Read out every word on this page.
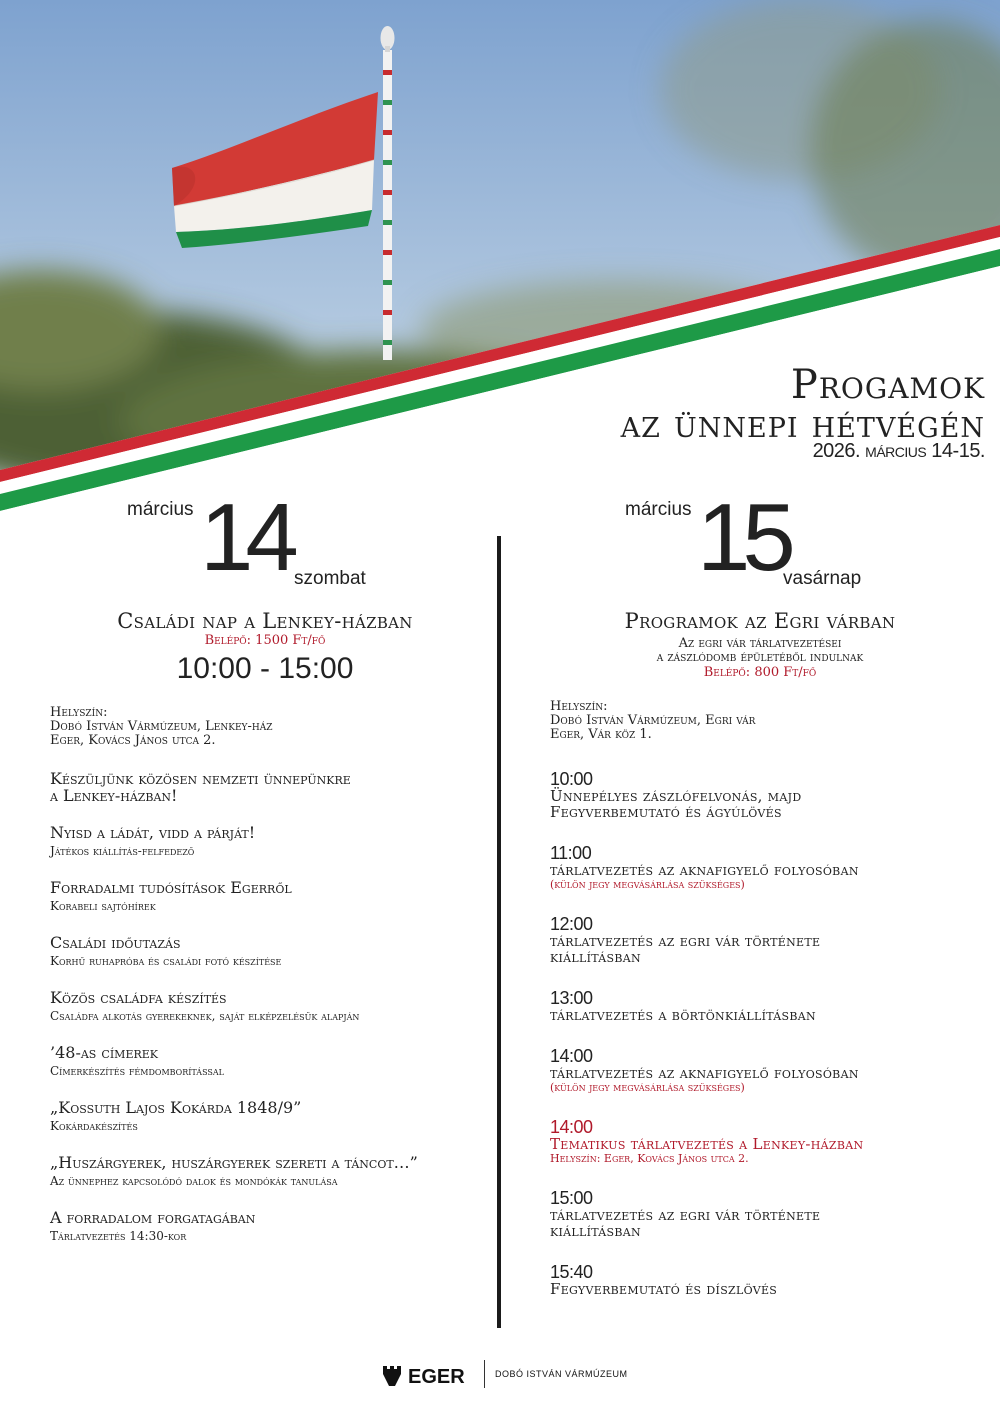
Progamok
az ünnepi hétvégén
2026. március 14-15.
március 14 szombat
Családi nap a Lenkey-házban
Belépő: 1500 Ft/fő
10:00 - 15:00
Helyszín:
Dobó István Vármúzeum, Lenkey-ház
Eger, Kovács János utca 2.
Készüljünk közösen nemzeti ünnepünkre
a Lenkey-házban!
Nyisd a ládát, vidd a párját!
Játékos kiállítás-felfedező
Forradalmi tudósítások Egerről
Korabeli sajtóhírek
Családi időutazás
Korhű ruhapróba és családi fotó készítése
Közös családfa készítés
Családfa alkotás gyerekeknek, saját elképzelésük alapján
’48-as címerek
Címerkészítés fémdomborítással
„Kossuth Lajos Kokárda 1848/9”
Kokárdakészítés
„Huszárgyerek, huszárgyerek szereti a táncot…”
Az ünnephez kapcsolódó dalok és mondókák tanulása
A forradalom forgatagában
Tárlatvezetés 14:30-kor
március 15
vasárnap
Programok az Egri várban
Az egri vár tárlatvezetései
a zászlódomb épületéből indulnak
Belépő: 800 Ft/fő
Helyszín:
Dobó István Vármúzeum, Egri vár
Eger, Vár köz 1.
10:00
Ünnepélyes zászlófelvonás, majd
Fegyverbemutató és ágyúlövés
11:00
tárlatvezetés az aknafigyelő folyosóban
(külön jegy megvásárlása szükséges)
12:00
tárlatvezetés az egri vár története
kiállításban
13:00
tárlatvezetés a börtönkiállításban
14:00
tárlatvezetés az aknafigyelő folyosóban
(külön jegy megvásárlása szükséges)
14:00
Tematikus tárlatvezetés a Lenkey-házban
Helyszín: Eger, Kovács János utca 2.
15:00
tárlatvezetés az egri vár története
kiállításban
15:40
Fegyverbemutató és díszlövés
EGER	DOBÓ ISTVÁN VÁRMÚZEUM
